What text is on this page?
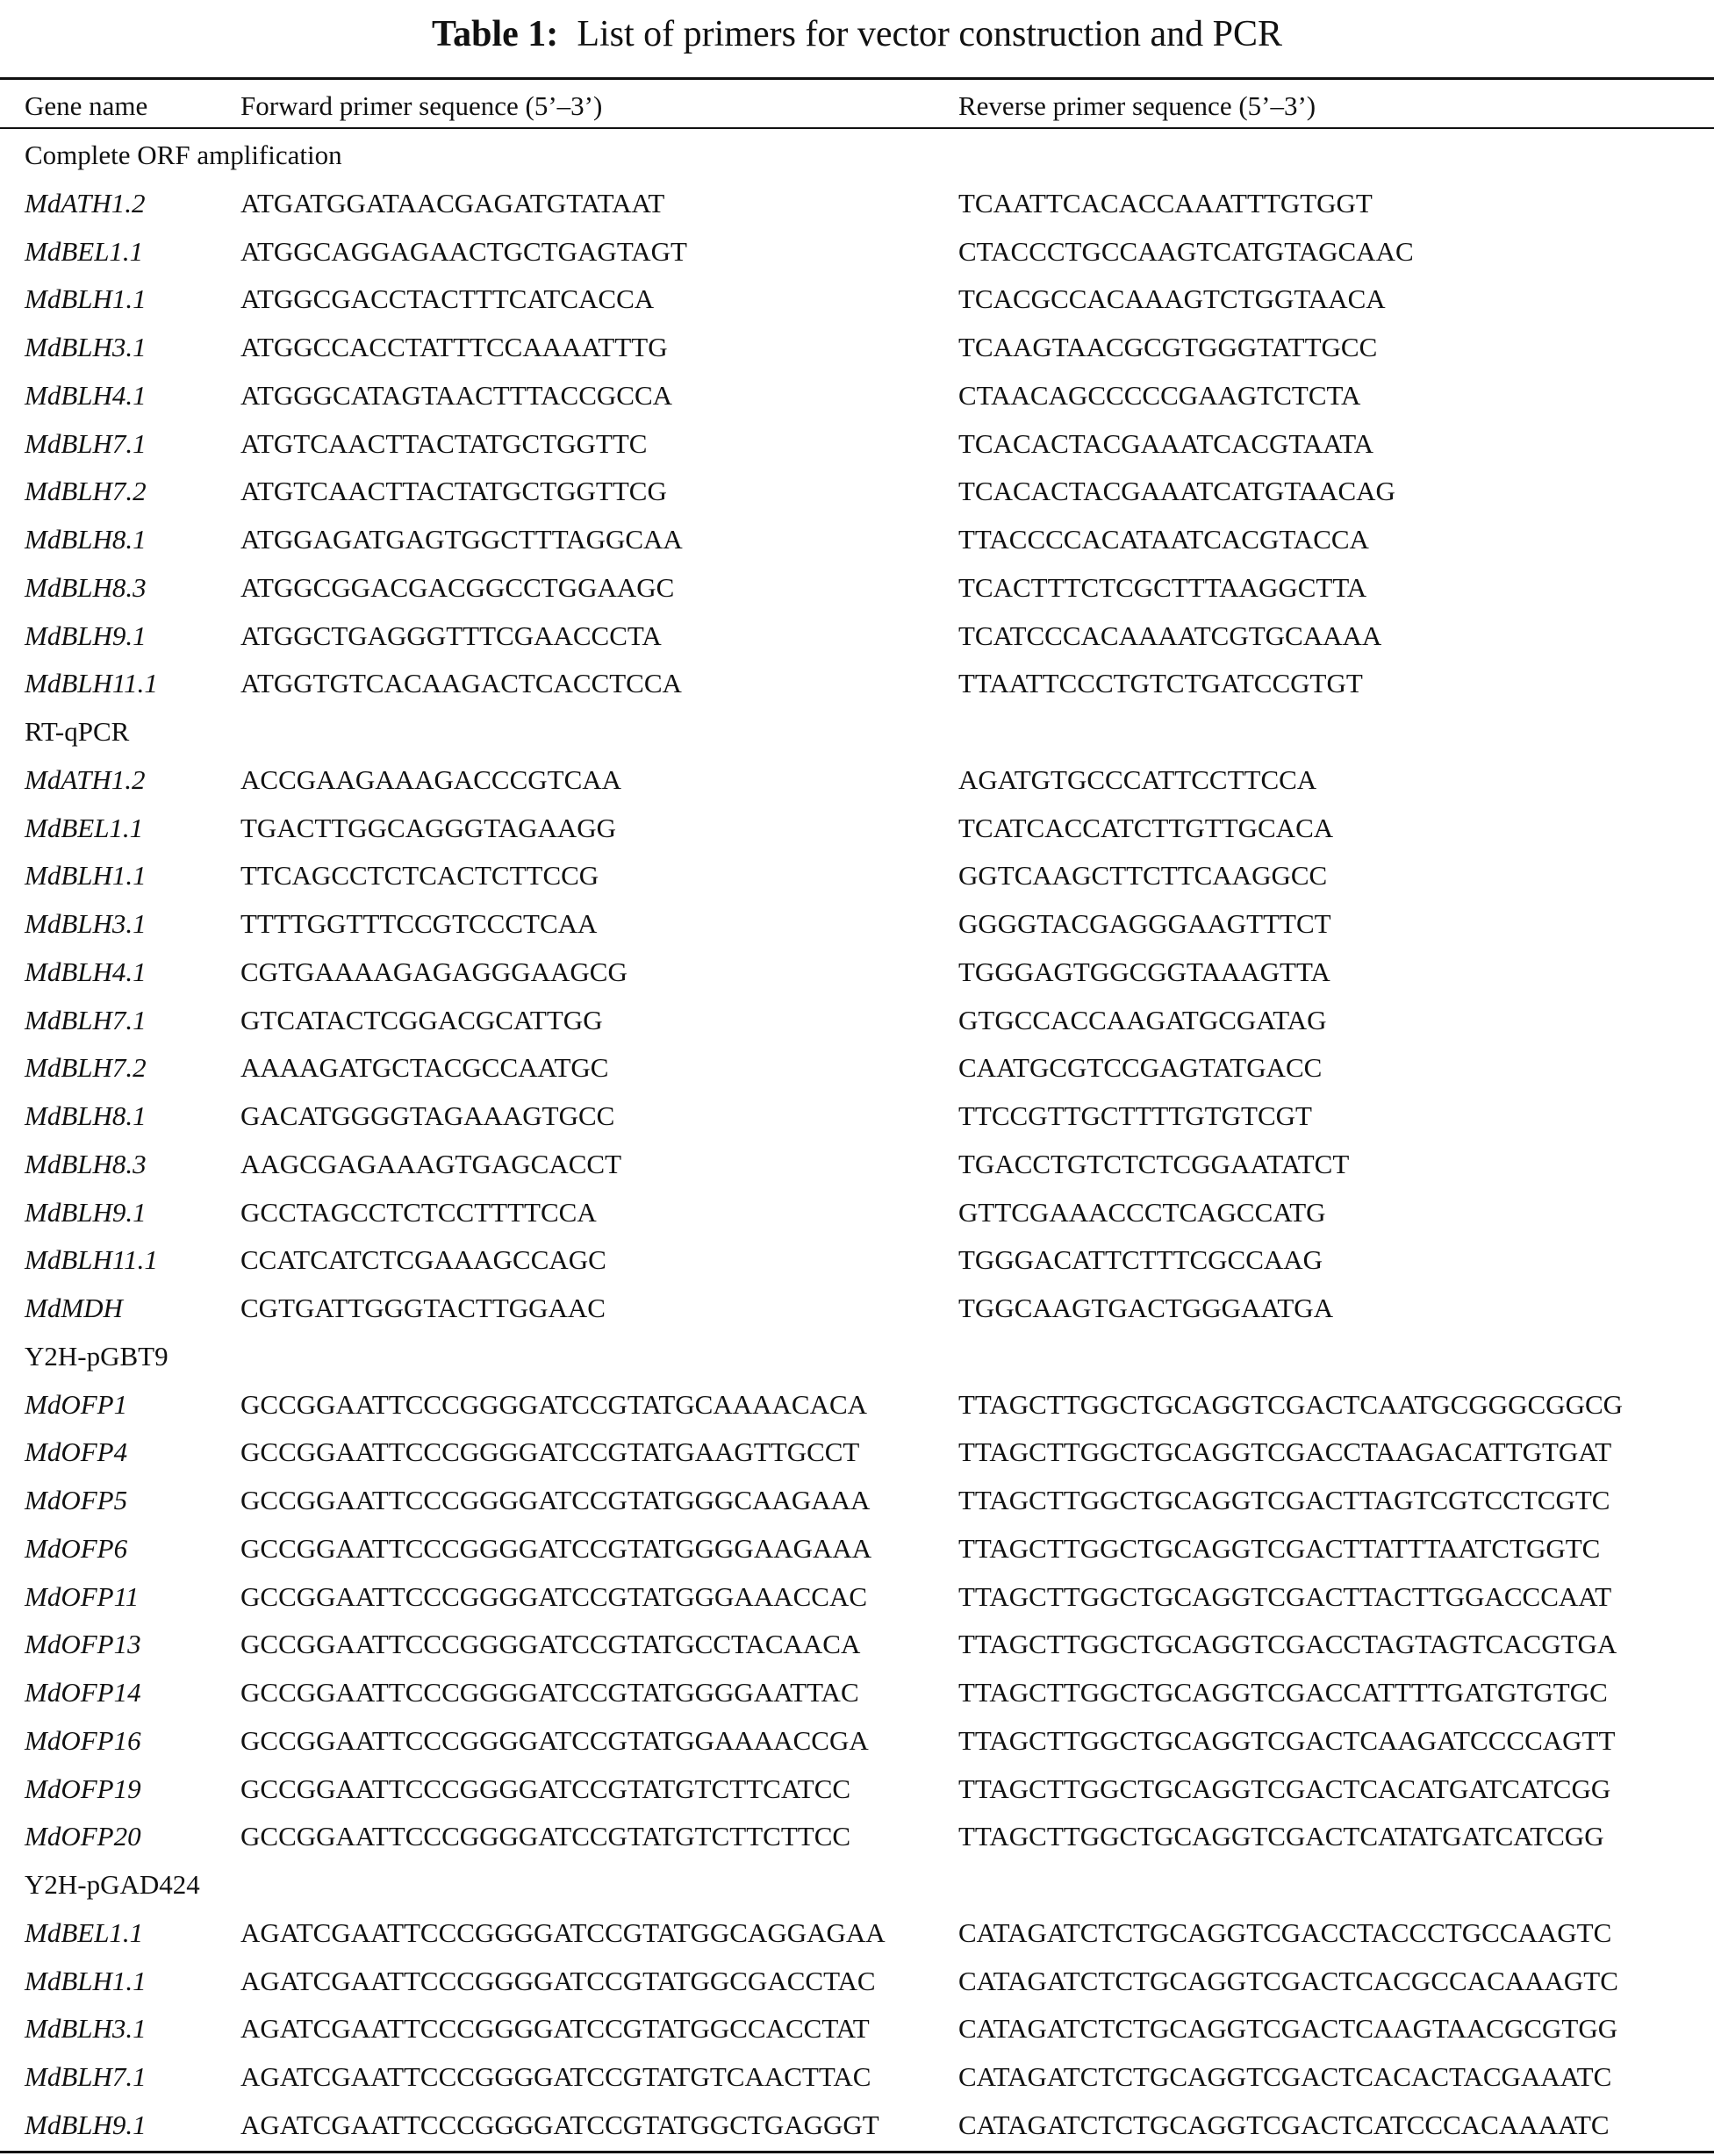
Table 1: List of primers for vector construction and PCR
Gene name	Forward primer sequence (5’–3’)	Reverse primer sequence (5’–3’)
Complete ORF amplification
MdATH1.2	ATGATGGATAACGAGATGTATAAT	TCAATTCACACCAAATTTGTGGT
MdBEL1.1	ATGGCAGGAGAACTGCTGAGTAGT	CTACCCTGCCAAGTCATGTAGCAAC
MdBLH1.1	ATGGCGACCTACTTTCATCACCA	TCACGCCACAAAGTCTGGTAACA
MdBLH3.1	ATGGCCACCTATTTCCAAAATTTG	TCAAGTAACGCGTGGGTATTGCC
MdBLH4.1	ATGGGCATAGTAACTTTACCGCCA	CTAACAGCCCCCGAAGTCTCTA
MdBLH7.1	ATGTCAACTTACTATGCTGGTTC	TCACACTACGAAATCACGTAATA
MdBLH7.2	ATGTCAACTTACTATGCTGGTTCG	TCACACTACGAAATCATGTAACAG
MdBLH8.1	ATGGAGATGAGTGGCTTTAGGCAA	TTACCCCACATAATCACGTACCA
MdBLH8.3	ATGGCGGACGACGGCCTGGAAGC	TCACTTTCTCGCTTTAAGGCTTA
MdBLH9.1	ATGGCTGAGGGTTTCGAACCCTA	TCATCCCACAAAATCGTGCAAAA
MdBLH11.1	ATGGTGTCACAAGACTCACCTCCA	TTAATTCCCTGTCTGATCCGTGT
RT-qPCR
MdATH1.2	ACCGAAGAAAGACCCGTCAA	AGATGTGCCCATTCCTTCCA
MdBEL1.1	TGACTTGGCAGGGTAGAAGG	TCATCACCATCTTGTTGCACA
MdBLH1.1	TTCAGCCTCTCACTCTTCCG	GGTCAAGCTTCTTCAAGGCC
MdBLH3.1	TTTTGGTTTCCGTCCCTCAA	GGGGTACGAGGGAAGTTTCT
MdBLH4.1	CGTGAAAAGAGAGGGAAGCG	TGGGAGTGGCGGTAAAGTTA
MdBLH7.1	GTCATACTCGGACGCATTGG	GTGCCACCAAGATGCGATAG
MdBLH7.2	AAAAGATGCTACGCCAATGC	CAATGCGTCCGAGTATGACC
MdBLH8.1	GACATGGGGTAGAAAGTGCC	TTCCGTTGCTTTTGTGTCGT
MdBLH8.3	AAGCGAGAAAGTGAGCACCT	TGACCTGTCTCTCGGAATATCT
MdBLH9.1	GCCTAGCCTCTCCTTTTCCA	GTTCGAAACCCTCAGCCATG
MdBLH11.1	CCATCATCTCGAAAGCCAGC	TGGGACATTCTTTCGCCAAG
MdMDH	CGTGATTGGGTACTTGGAAC	TGGCAAGTGACTGGGAATGA
Y2H-pGBT9
MdOFP1	GCCGGAATTCCCGGGGATCCGTATGCAAAACACA	TTAGCTTGGCTGCAGGTCGACTCAATGCGGGCGGCG
MdOFP4	GCCGGAATTCCCGGGGATCCGTATGAAGTTGCCT	TTAGCTTGGCTGCAGGTCGACCTAAGACATTGTGAT
MdOFP5	GCCGGAATTCCCGGGGATCCGTATGGGCAAGAAA	TTAGCTTGGCTGCAGGTCGACTTAGTCGTCCTCGTC
MdOFP6	GCCGGAATTCCCGGGGATCCGTATGGGGAAGAAA	TTAGCTTGGCTGCAGGTCGACTTATTTAATCTGGTC
MdOFP11	GCCGGAATTCCCGGGGATCCGTATGGGAAACCAC	TTAGCTTGGCTGCAGGTCGACTTACTTGGACCCAAT
MdOFP13	GCCGGAATTCCCGGGGATCCGTATGCCTACAACA	TTAGCTTGGCTGCAGGTCGACCTAGTAGTCACGTGA
MdOFP14	GCCGGAATTCCCGGGGATCCGTATGGGGAATTAC	TTAGCTTGGCTGCAGGTCGACCATTTTGATGTGTGC
MdOFP16	GCCGGAATTCCCGGGGATCCGTATGGAAAACCGA	TTAGCTTGGCTGCAGGTCGACTCAAGATCCCCAGTT
MdOFP19	GCCGGAATTCCCGGGGATCCGTATGTCTTCATCC	TTAGCTTGGCTGCAGGTCGACTCACATGATCATCGG
MdOFP20	GCCGGAATTCCCGGGGATCCGTATGTCTTCTTCC	TTAGCTTGGCTGCAGGTCGACTCATATGATCATCGG
Y2H-pGAD424
MdBEL1.1	AGATCGAATTCCCGGGGATCCGTATGGCAGGAGAA	CATAGATCTCTGCAGGTCGACCTACCCTGCCAAGTC
MdBLH1.1	AGATCGAATTCCCGGGGATCCGTATGGCGACCTAC	CATAGATCTCTGCAGGTCGACTCACGCCACAAAGTC
MdBLH3.1	AGATCGAATTCCCGGGGATCCGTATGGCCACCTAT	CATAGATCTCTGCAGGTCGACTCAAGTAACGCGTGG
MdBLH7.1	AGATCGAATTCCCGGGGATCCGTATGTCAACTTAC	CATAGATCTCTGCAGGTCGACTCACACTACGAAATC
MdBLH9.1	AGATCGAATTCCCGGGGATCCGTATGGCTGAGGGT	CATAGATCTCTGCAGGTCGACTCATCCCACAAAATC
